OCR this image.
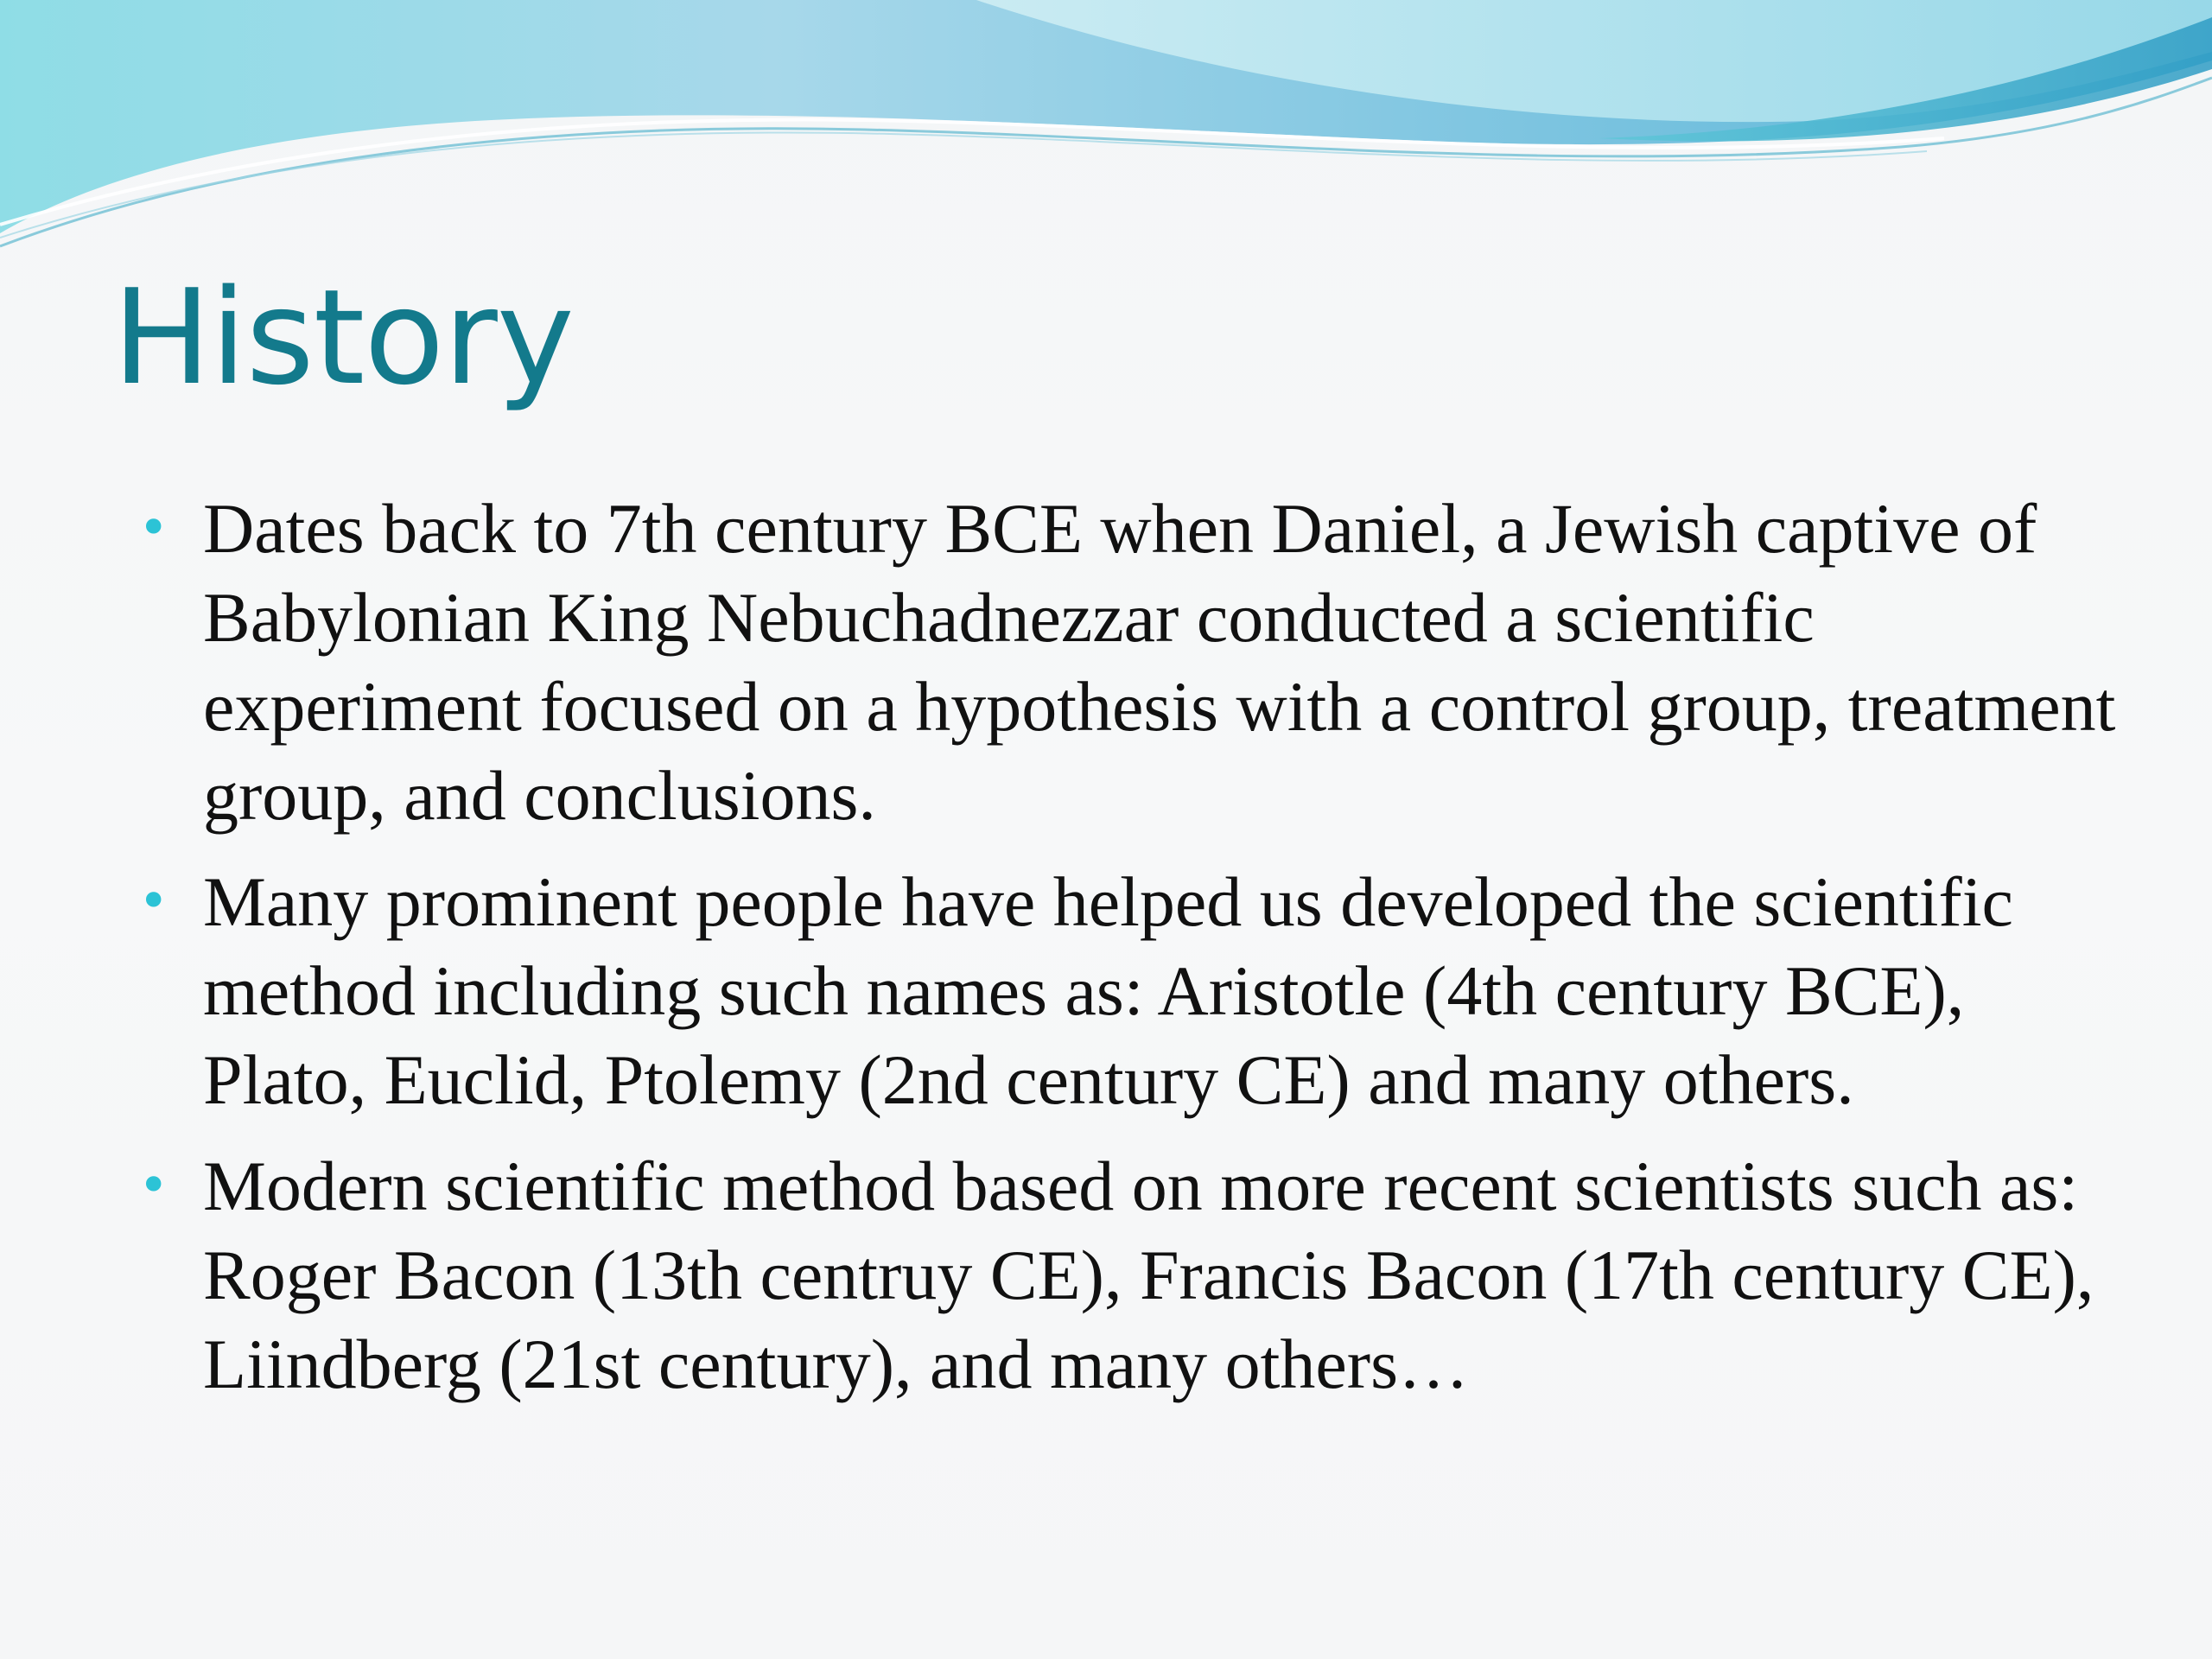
History
• Dates back to 7th century BCE when Daniel, a Jewish captive of Babylonian King Nebuchadnezzar conducted a scientific experiment focused on a hypothesis with a control group, treatment group, and conclusions.
• Many prominent people have helped us developed the scientific method including such names as: Aristotle (4th century BCE), Plato, Euclid, Ptolemy (2nd century CE) and many others.
• Modern scientific method based on more recent scientists such as: Roger Bacon (13th centruy CE), Francis Bacon (17th century CE), Liindberg (21st century), and many others…
